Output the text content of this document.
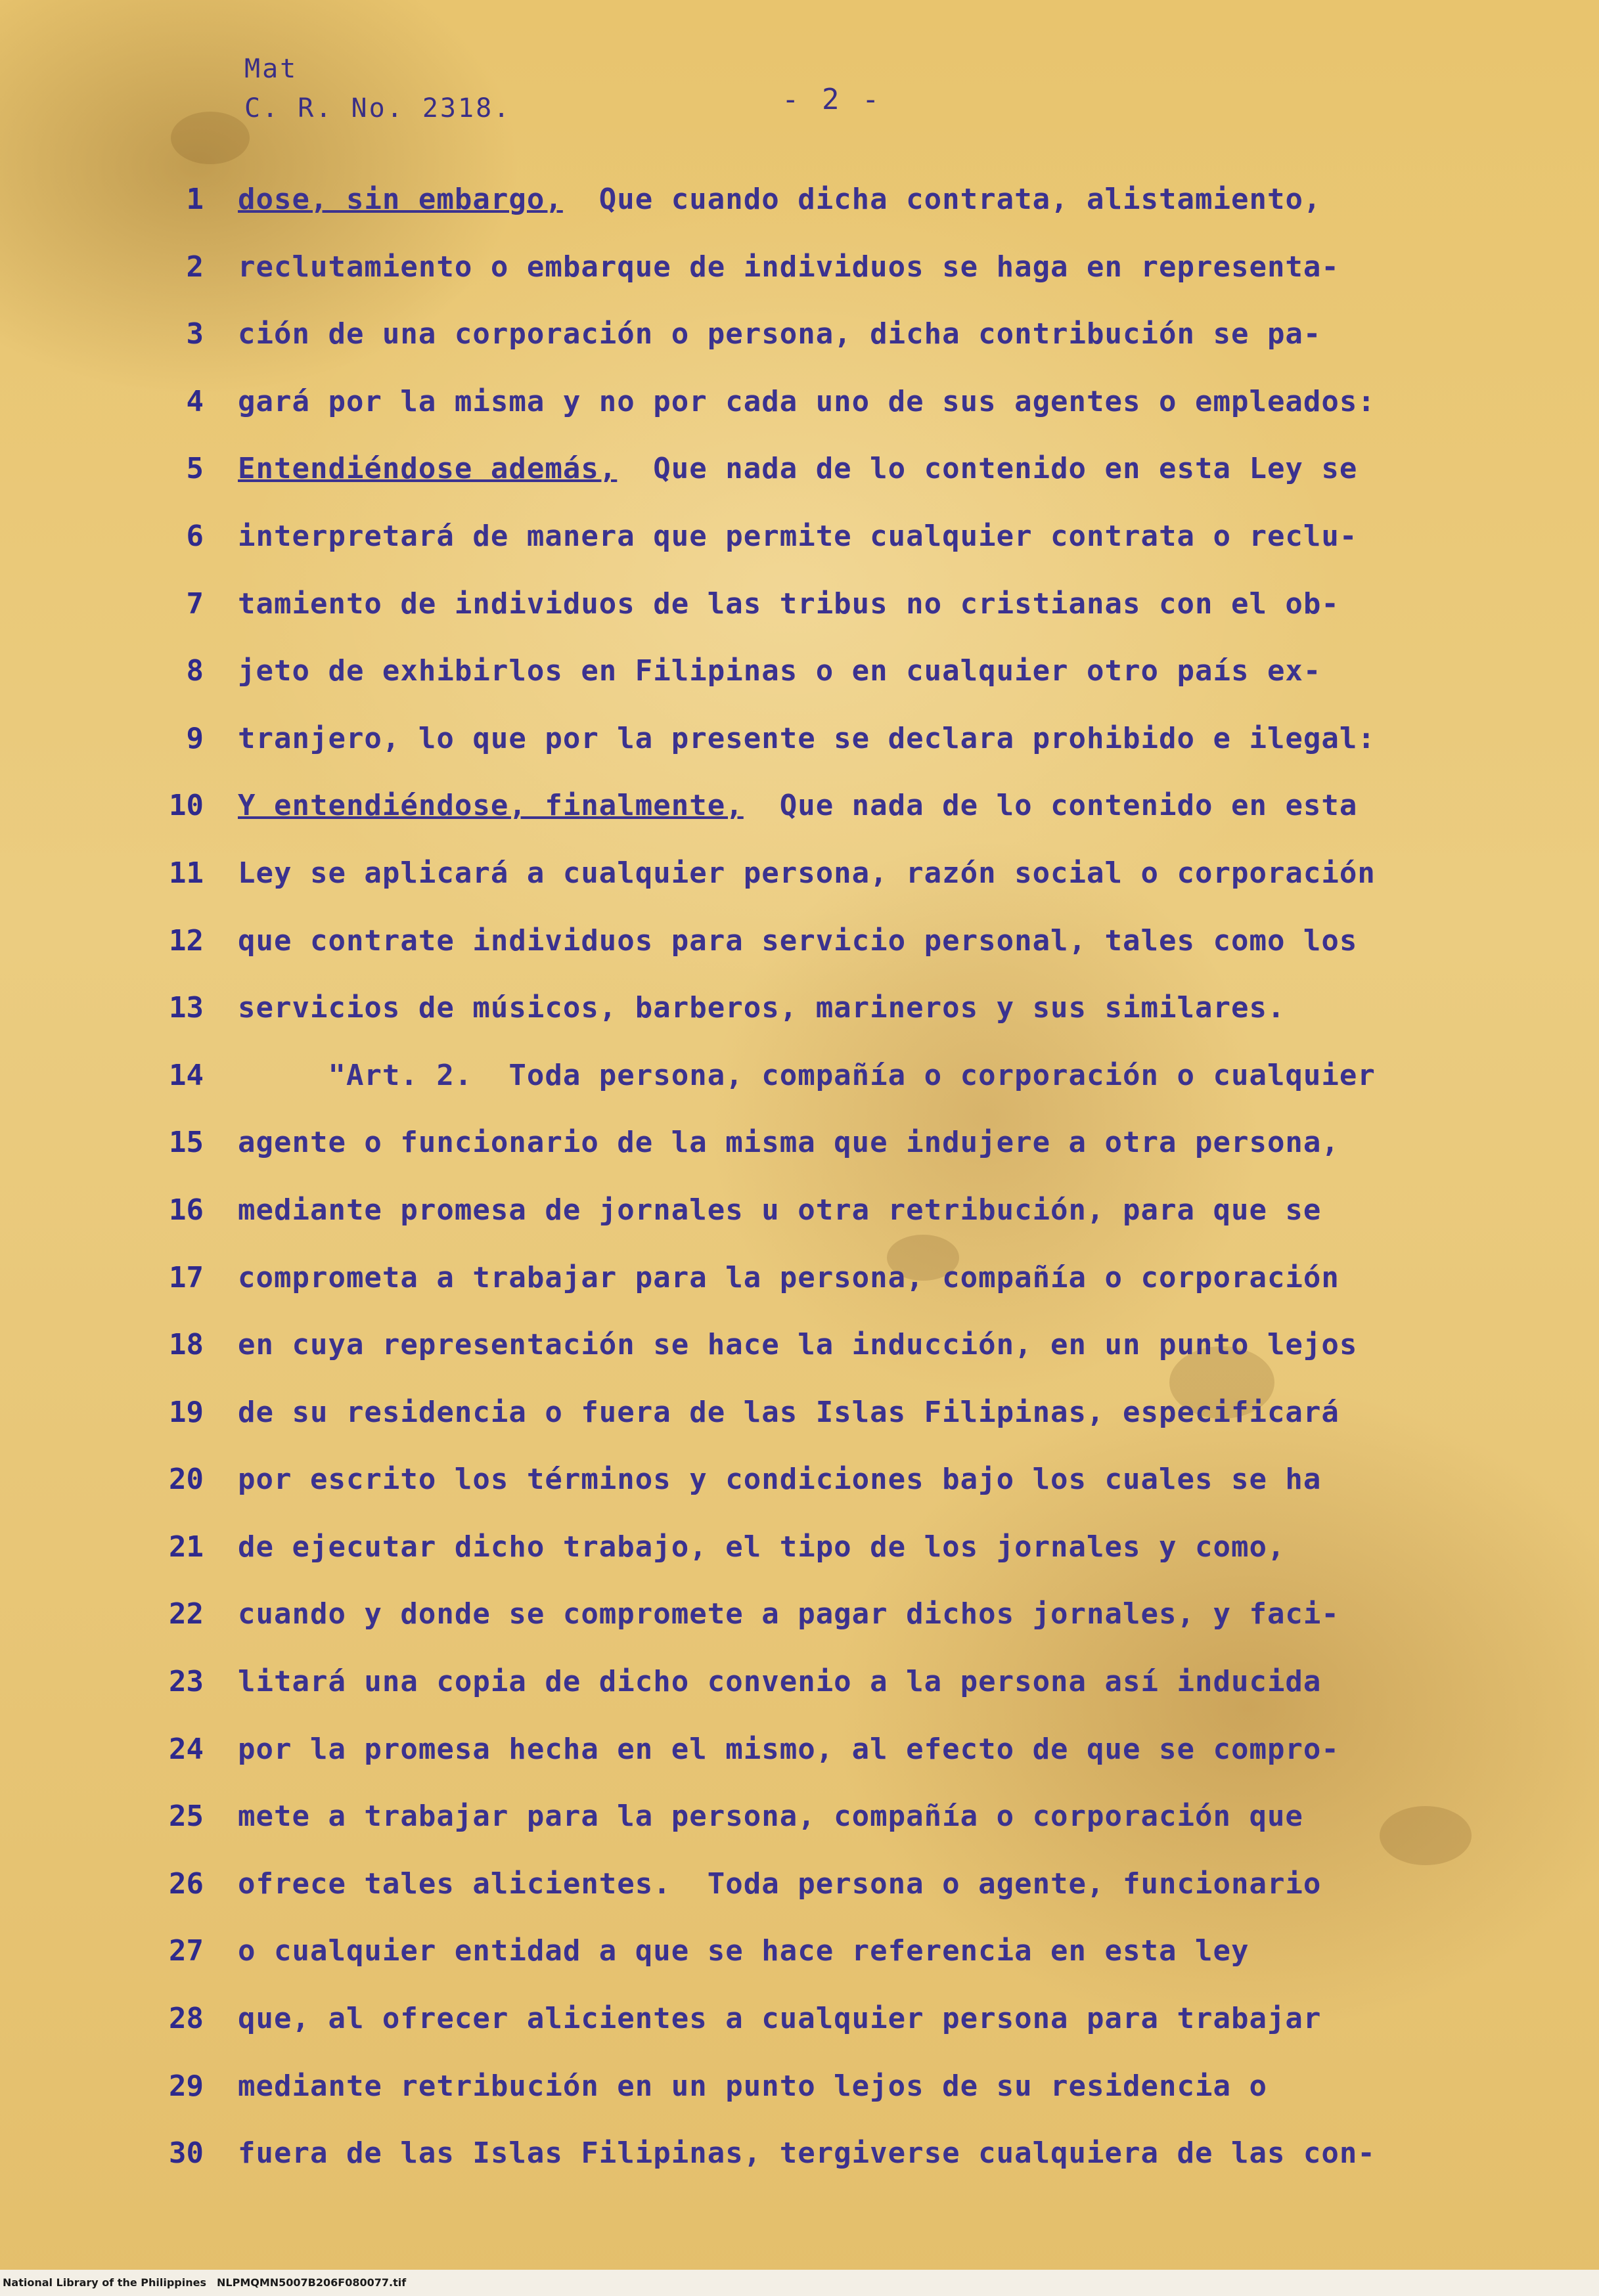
Mat
C. R. No. 2318.	- 2 -
1 dose, sin embargo,  Que cuando dicha contrata, alistamiento,
2 reclutamiento o embarque de individuos se haga en representa-
3 ción de una corporación o persona, dicha contribución se pa-
4 gará por la misma y no por cada uno de sus agentes o empleados:
5 Entendiéndose además,  Que nada de lo contenido en esta Ley se
6 interpretará de manera que permite cualquier contrata o reclu-
7 tamiento de individuos de las tribus no cristianas con el ob-
8 jeto de exhibirlos en Filipinas o en cualquier otro país ex-
9 tranjero, lo que por la presente se declara prohibido e ilegal:
10 Y entendiéndose, finalmente,  Que nada de lo contenido en esta
11 Ley se aplicará a cualquier persona, razón social o corporación
12 que contrate individuos para servicio personal, tales como los
13 servicios de músicos, barberos, marineros y sus similares.
14 "Art. 2.  Toda persona, compañía o corporación o cualquier
15 agente o funcionario de la misma que indujere a otra persona,
16 mediante promesa de jornales u otra retribución, para que se
17 comprometa a trabajar para la persona, compañía o corporación
18 en cuya representación se hace la inducción, en un punto lejos
19 de su residencia o fuera de las Islas Filipinas, especificará
20 por escrito los términos y condiciones bajo los cuales se ha
21 de ejecutar dicho trabajo, el tipo de los jornales y como,
22 cuando y donde se compromete a pagar dichos jornales, y faci-
23 litará una copia de dicho convenio a la persona así inducida
24 por la promesa hecha en el mismo, al efecto de que se compro-
25 mete a trabajar para la persona, compañía o corporación que
26 ofrece tales alicientes.  Toda persona o agente, funcionario
27 o cualquier entidad a que se hace referencia en esta ley
28 que, al ofrecer alicientes a cualquier persona para trabajar
29 mediante retribución en un punto lejos de su residencia o
30 fuera de las Islas Filipinas, tergiverse cualquiera de las con-
National Library of the Philippines NLPMQMN5007B206F080077.tif
